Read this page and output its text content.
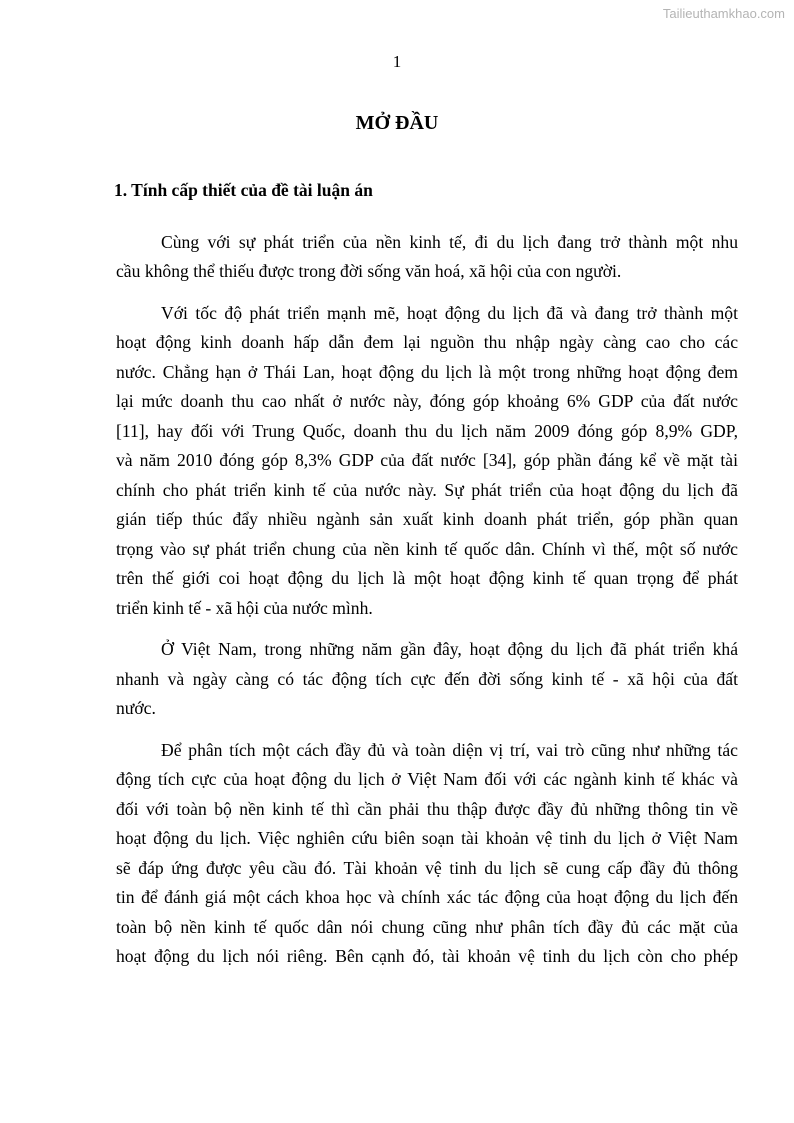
Tailieuthamkhao.com
1
MỞ ĐẦU
1. Tính cấp thiết của đề tài luận án
Cùng với sự phát triển của nền kinh tế, đi du lịch đang trở thành một nhu
cầu không thể thiếu được trong đời sống văn hoá, xã hội của con người.
Với tốc độ phát triển mạnh mẽ, hoạt động du lịch đã và đang trở thành một
hoạt động kinh doanh hấp dẫn đem lại nguồn thu nhập ngày càng cao cho các
nước. Chẳng hạn ở Thái Lan, hoạt động du lịch là một trong những hoạt động đem
lại mức doanh thu cao nhất ở nước này, đóng góp khoảng 6% GDP của đất nước
[11], hay đối với Trung Quốc, doanh thu du lịch năm 2009 đóng góp 8,9% GDP,
và năm 2010 đóng góp 8,3% GDP của đất nước [34], góp phần đáng kể về mặt tài
chính cho phát triển kinh tế của nước này. Sự phát triển của hoạt động du lịch đã
gián tiếp thúc đẩy nhiều ngành sản xuất kinh doanh phát triển, góp phần quan
trọng vào sự phát triển chung của nền kinh tế quốc dân. Chính vì thế, một số nước
trên thế giới coi hoạt động du lịch là một hoạt động kinh tế quan trọng để phát
triển kinh tế - xã hội của nước mình.
Ở Việt Nam, trong những năm gần đây, hoạt động du lịch đã phát triển khá
nhanh và ngày càng có tác động tích cực đến đời sống kinh tế - xã hội của đất
nước.
Để phân tích một cách đầy đủ và toàn diện vị trí, vai trò cũng như những tác
động tích cực của hoạt động du lịch ở Việt Nam đối với các ngành kinh tế khác và
đối với toàn bộ nền kinh tế thì cần phải thu thập được đầy đủ những thông tin về
hoạt động du lịch. Việc nghiên cứu biên soạn tài khoản vệ tinh du lịch ở Việt Nam
sẽ đáp ứng được yêu cầu đó. Tài khoản vệ tinh du lịch sẽ cung cấp đầy đủ thông
tin để đánh giá một cách khoa học và chính xác tác động của hoạt động du lịch đến
toàn bộ nền kinh tế quốc dân nói chung cũng như phân tích đầy đủ các mặt của
hoạt động du lịch nói riêng. Bên cạnh đó, tài khoản vệ tinh du lịch còn cho phép
